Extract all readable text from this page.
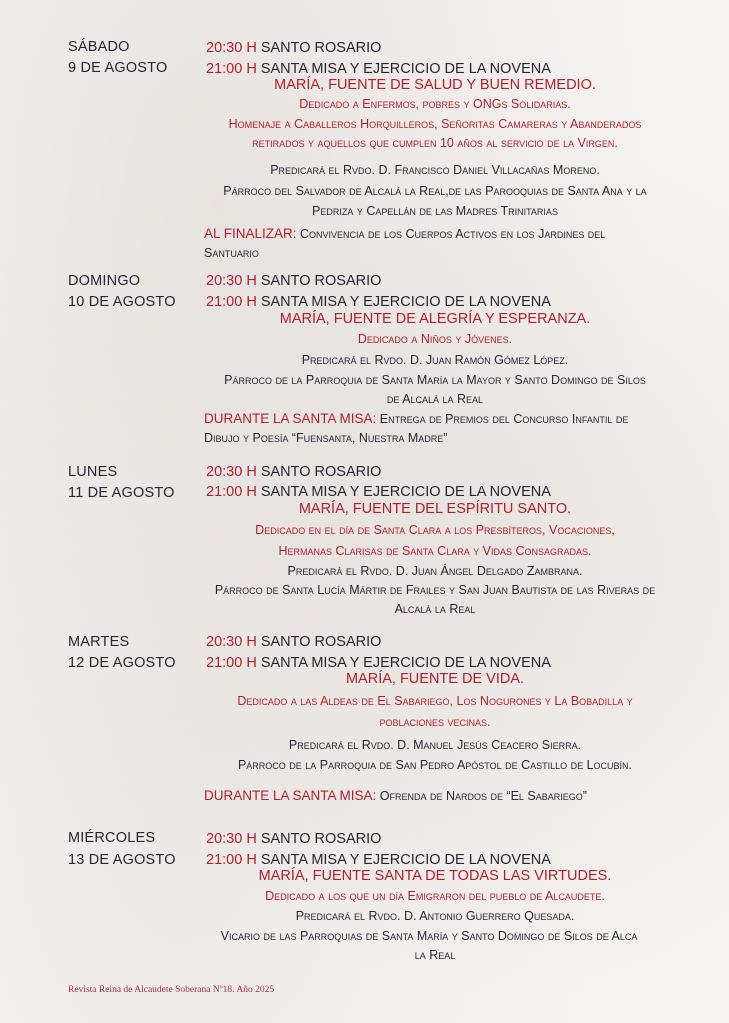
SÁBADO
9 DE AGOSTO
20:30 H SANTO ROSARIO
21:00 H SANTA MISA Y EJERCICIO DE LA NOVENA
MARÍA, FUENTE DE SALUD Y BUEN REMEDIO.
Dedicado a Enfermos, pobres y ONGs Solidarias.
Homenaje a Caballeros Horquilleros, Señoritas Camareras y Abanderados
retirados y aquellos que cumplen 10 años al servicio de la Virgen.
Predicará el Rvdo. D. Francisco Daniel Villacañas Moreno.
Párroco del Salvador de Alcalá la Real,de las Parooquias de Santa Ana y la
Pedriza y Capellán de las Madres Trinitarias
AL FINALIZAR: Convivencia de los Cuerpos Activos en los Jardines del
Santuario
DOMINGO
10 DE AGOSTO
20:30 H SANTO ROSARIO
21:00 H SANTA MISA Y EJERCICIO DE LA NOVENA
MARÍA, FUENTE DE ALEGRÍA Y ESPERANZA.
Dedicado a Niños y Jóvenes.
Predicará el Rvdo. D. Juan Ramón Gómez López.
Párroco de la Parroquia de Santa María la Mayor y Santo Domingo de Silos
de Alcalá la Real
DURANTE LA SANTA MISA: Entrega de Premios del Concurso Infantil de
Dibujo y Poesía “Fuensanta, Nuestra Madre”
LUNES
11 DE AGOSTO
20:30 H SANTO ROSARIO
21:00 H SANTA MISA Y EJERCICIO DE LA NOVENA
MARÍA, FUENTE DEL ESPÍRITU SANTO.
Dedicado en el día de Santa Clara a los Presbíteros, Vocaciones,
Hermanas Clarisas de Santa Clara y Vidas Consagradas.
Predicará el Rvdo. D. Juan Ángel Delgado Zambrana.
Párroco de Santa Lucía Mártir de Frailes y San Juan Bautista de las Riveras de
Alcalá la Real
MARTES
12 DE AGOSTO
20:30 H SANTO ROSARIO
21:00 H SANTA MISA Y EJERCICIO DE LA NOVENA
MARÍA, FUENTE DE VIDA.
Dedicado a las Aldeas de El Sabariego, Los Nogurones y La Bobadilla y
poblaciones vecinas.
Predicará el Rvdo. D. Manuel Jesús Ceacero Sierra.
Párroco de la Parroquia de San Pedro Apóstol de Castillo de Locubín.
DURANTE LA SANTA MISA: Ofrenda de Nardos de “El Sabariego”
MIÉRCOLES
13 DE AGOSTO
20:30 H SANTO ROSARIO
21:00 H SANTA MISA Y EJERCICIO DE LA NOVENA
MARÍA, FUENTE SANTA DE TODAS LAS VIRTUDES.
Dedicado a los que un día Emigraron del pueblo de Alcaudete.
Predicará el Rvdo. D. Antonio Guerrero Quesada.
Vicario de las Parroquias de Santa María y Santo Domingo de Silos de Alca
la Real
Revista Reina de Alcaudete Soberana Nº18. Año 2025
